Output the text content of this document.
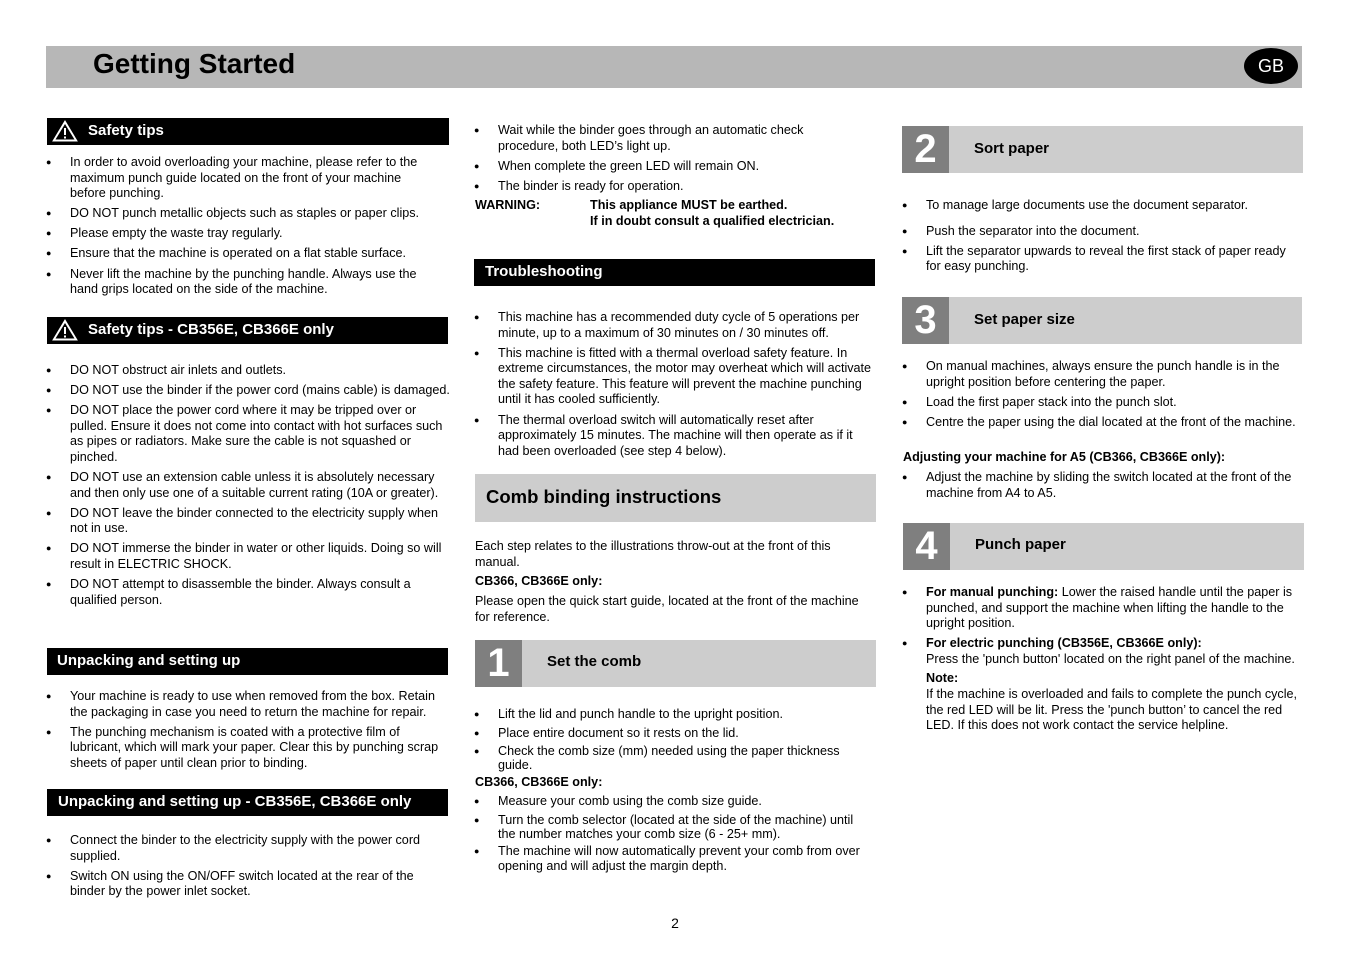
Getting Started	GB
Safety tips
● In order to avoid overloading your machine, please refer to the maximum punch guide located on the front of your machine before punching.
● DO NOT punch metallic objects such as staples or paper clips.
● Please empty the waste tray regularly.
● Ensure that the machine is operated on a flat stable surface.
● Never lift the machine by the punching handle. Always use the hand grips located on the side of the machine.
Safety tips - CB356E, CB366E only
● DO NOT obstruct air inlets and outlets.
● DO NOT use the binder if the power cord (mains cable) is damaged.
● DO NOT place the power cord where it may be tripped over or pulled. Ensure it does not come into contact with hot surfaces such as pipes or radiators. Make sure the cable is not squashed or pinched.
● DO NOT use an extension cable unless it is absolutely necessary and then only use one of a suitable current rating (10A or greater).
● DO NOT leave the binder connected to the electricity supply when not in use.
● DO NOT immerse the binder in water or other liquids. Doing so will result in ELECTRIC SHOCK.
● DO NOT attempt to disassemble the binder. Always consult a qualified person.
Unpacking and setting up
● Your machine is ready to use when removed from the box. Retain the packaging in case you need to return the machine for repair.
● The punching mechanism is coated with a protective film of lubricant, which will mark your paper. Clear this by punching scrap sheets of paper until clean prior to binding.
Unpacking and setting up - CB356E, CB366E only
● Connect the binder to the electricity supply with the power cord supplied.
● Switch ON using the ON/OFF switch located at the rear of the binder by the power inlet socket.
● Wait while the binder goes through an automatic check procedure, both LED’s light up.
● When complete the green LED will remain ON.
● The binder is ready for operation.
WARNING:	This appliance MUST be earthed.
If in doubt consult a qualified electrician.
Troubleshooting
● This machine has a recommended duty cycle of 5 operations per minute, up to a maximum of 30 minutes on / 30 minutes off.
● This machine is fitted with a thermal overload safety feature. In extreme circumstances, the motor may overheat which will activate the safety feature. This feature will prevent the machine punching until it has cooled sufficiently.
● The thermal overload switch will automatically reset after approximately 15 minutes. The machine will then operate as if it had been overloaded (see step 4 below).
Comb binding instructions
Each step relates to the illustrations throw-out at the front of this manual.
CB366, CB366E only:
Please open the quick start guide, located at the front of the machine for reference.
1	Set the comb
● Lift the lid and punch handle to the upright position.
● Place entire document so it rests on the lid.
● Check the comb size (mm) needed using the paper thickness guide.
CB366, CB366E only:
● Measure your comb using the comb size guide.
● Turn the comb selector (located at the side of the machine) until the number matches your comb size (6 - 25+ mm).
● The machine will now automatically prevent your comb from over opening and will adjust the margin depth.
2	Sort paper
● To manage large documents use the document separator.
● Push the separator into the document.
● Lift the separator upwards to reveal the first stack of paper ready for easy punching.
3	Set paper size
● On manual machines, always ensure the punch handle is in the upright position before centering the paper.
● Load the first paper stack into the punch slot.
● Centre the paper using the dial located at the front of the machine.
Adjusting your machine for A5 (CB366, CB366E only):
● Adjust the machine by sliding the switch located at the front of the machine from A4 to A5.
4	Punch paper
● For manual punching: Lower the raised handle until the paper is punched, and support the machine when lifting the handle to the upright position.
● For electric punching (CB356E, CB366E only):
Press the 'punch button' located on the right panel of the machine.
Note:
If the machine is overloaded and fails to complete the punch cycle, the red LED will be lit. Press the 'punch button’ to cancel the red LED. If this does not work contact the service helpline.
2
